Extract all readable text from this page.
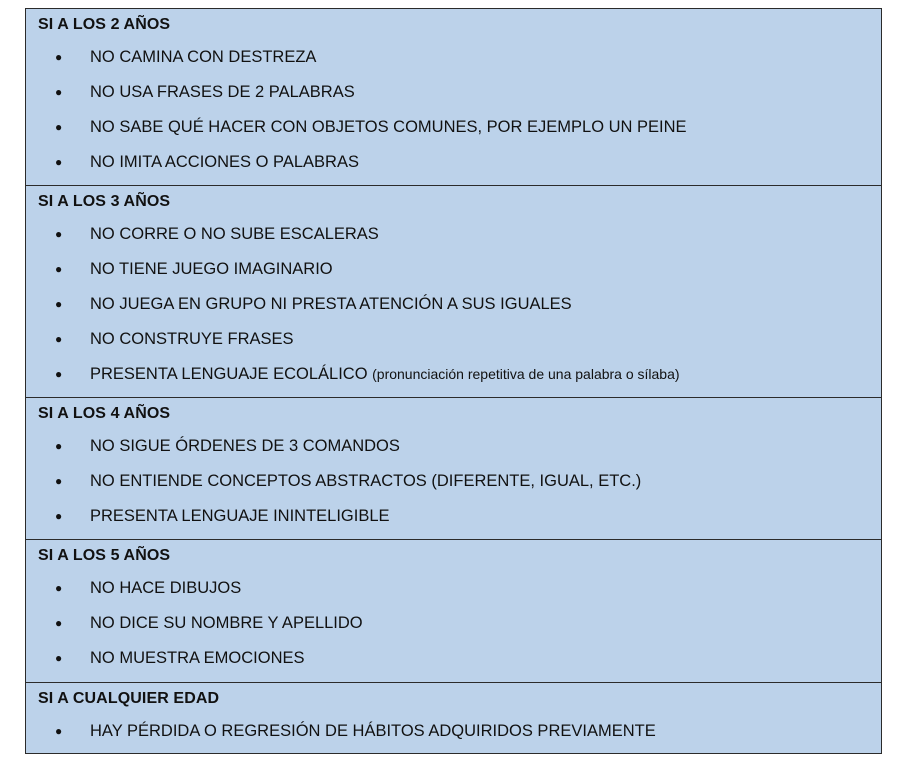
SI A LOS 2 AÑOS
● NO CAMINA CON DESTREZA
● NO USA FRASES DE 2 PALABRAS
● NO SABE QUÉ HACER CON OBJETOS COMUNES, POR EJEMPLO UN PEINE
● NO IMITA ACCIONES O PALABRAS
SI A LOS 3 AÑOS
● NO CORRE O NO SUBE ESCALERAS
● NO TIENE JUEGO IMAGINARIO
● NO JUEGA EN GRUPO NI PRESTA ATENCIÓN A SUS IGUALES
● NO CONSTRUYE FRASES
● PRESENTA LENGUAJE ECOLÁLICO (pronunciación repetitiva de una palabra o sílaba)
SI A LOS 4 AÑOS
● NO SIGUE ÓRDENES DE 3 COMANDOS
● NO ENTIENDE CONCEPTOS ABSTRACTOS (DIFERENTE, IGUAL, ETC.)
● PRESENTA LENGUAJE ININTELIGIBLE
SI A LOS 5 AÑOS
● NO HACE DIBUJOS
● NO DICE SU NOMBRE Y APELLIDO
● NO MUESTRA EMOCIONES
SI A CUALQUIER EDAD
● HAY PÉRDIDA O REGRESIÓN DE HÁBITOS ADQUIRIDOS PREVIAMENTE
